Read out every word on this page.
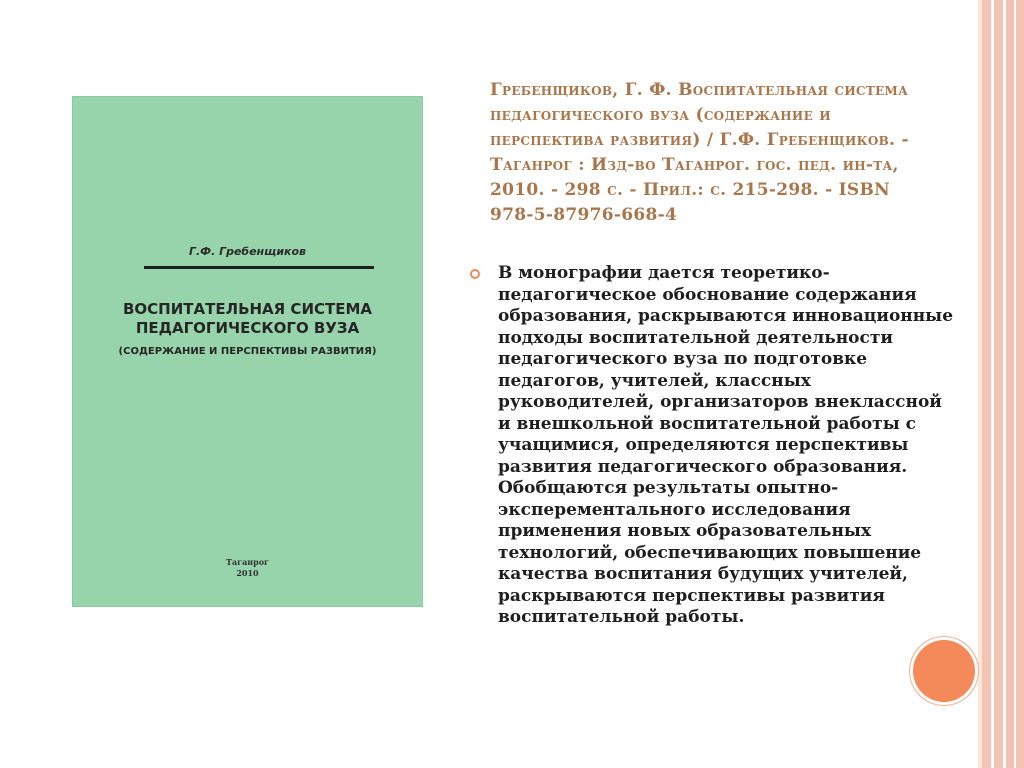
Г.Ф. Гребенщиков
ВОСПИТАТЕЛЬНАЯ СИСТЕМА
ПЕДАГОГИЧЕСКОГО ВУЗА
(СОДЕРЖАНИЕ И ПЕРСПЕКТИВЫ РАЗВИТИЯ)
Таганрог
2010
Гребенщиков, Г. Ф. Воспитательная система педагогического вуза (содержание и перспектива развития) / Г.Ф. Гребенщиков. - Таганрог : Изд-во Таганрог. гос. пед. ин-та, 2010. - 298 с. - Прил.: с. 215-298. - ISBN 978-5-87976-668-4
В монографии дается теоретико-педагогическое обоснование содержания образования, раскрываются инновационные подходы воспитательной деятельности педагогического вуза по подготовке педагогов, учителей, классных руководителей, организаторов внеклассной и внешкольной воспитательной работы с учащимися, определяются перспективы развития педагогического образования. Обобщаются результаты опытно-эксперементального исследования применения новых образовательных технологий, обеспечивающих повышение качества воспитания будущих учителей, раскрываются перспективы развития воспитательной работы.
